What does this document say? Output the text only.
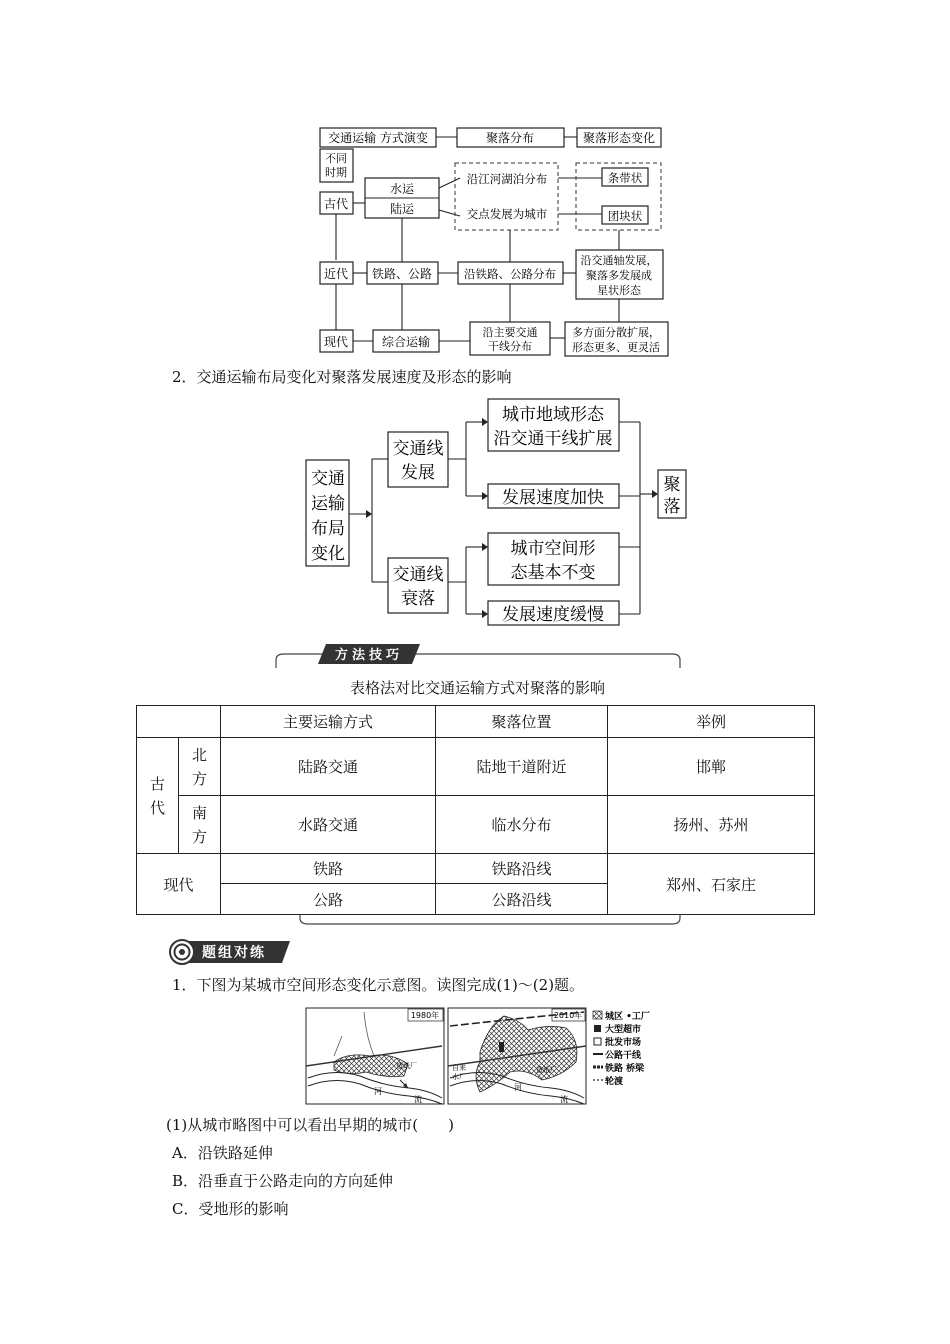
交通运输 方式演变	聚落分布	聚落形态变化
不同
时期
古代
水运
陆运
沿江河湖泊分布
交点发展为城市
条带状
团块状
近代 铁路、公路	沿铁路、公路分布
沿交通轴发展，
聚落多发展成
星状形态
现代	综合运输
沿主要交通
干线分布
多方面分散扩展，
形态更多、更灵活
2．交通运输布局变化对聚落发展速度及形态的影响
交通
运输
布局
变化
交通线
发展
交通线
衰落
城市地域形态
沿交通干线扩展
发展速度加快
城市空间形
态基本不变
发展速度缓慢
聚
落
方法技巧
表格法对比交通运输方式对聚落的影响
		主要运输方式	聚落位置	举例

古代	北方	陆路交通	陆地干道附近	邯郸

	南方	水路交通	临水分布	扬州、苏州
现代		铁路	铁路沿线	郑州、石家庄
		公路	公路沿线	
题组对练
1．下图为某城市空间形态变化示意图。读图完成(1)～(2)题。
1980年
造纸厂
河
流
2010年
自来
水厂
造纸厂
河
流
城区 •工厂
大型超市
批发市场
公路干线
铁路 桥梁
轮渡
(1)从城市略图中可以看出早期的城市(　　)
A．沿铁路延伸
B．沿垂直于公路走向的方向延伸
C．受地形的影响
